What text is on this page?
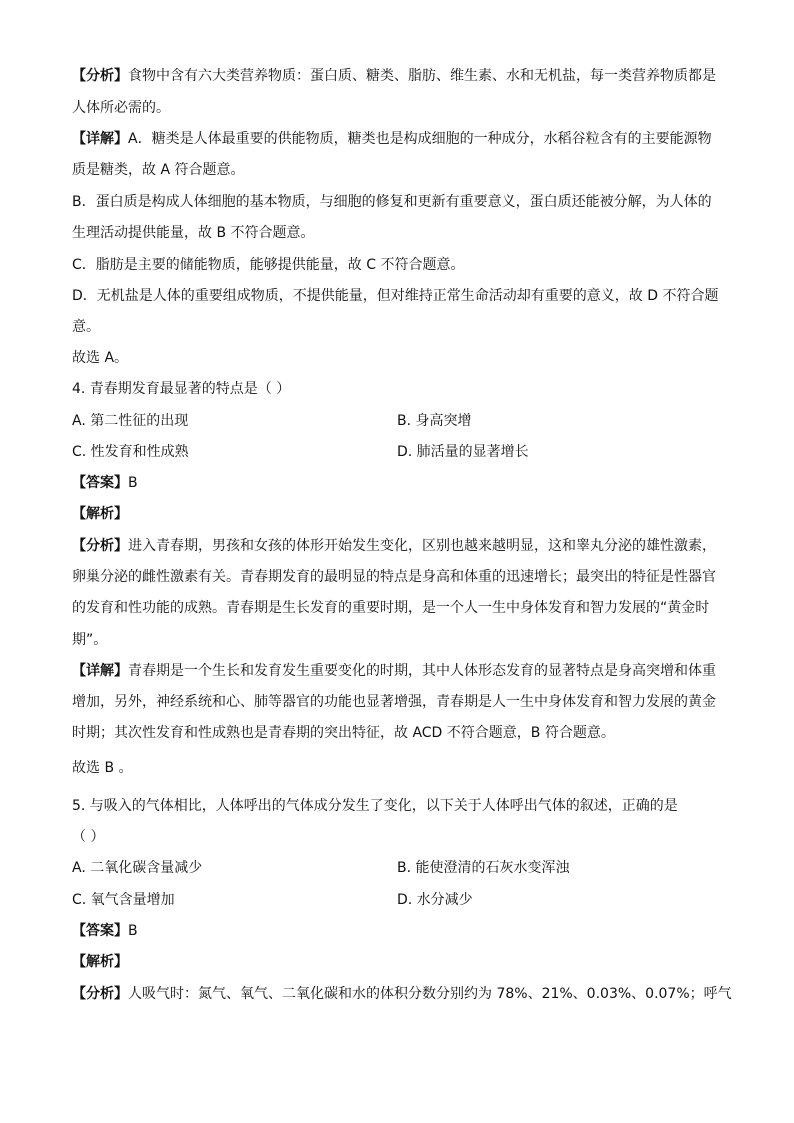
【分析】食物中含有六大类营养物质：蛋白质、糖类、脂肪、维生素、水和无机盐，每一类营养物质都是
人体所必需的。
【详解】A．糖类是人体最重要的供能物质，糖类也是构成细胞的一种成分，水稻谷粒含有的主要能源物
质是糖类，故 A 符合题意。
B．蛋白质是构成人体细胞的基本物质，与细胞的修复和更新有重要意义，蛋白质还能被分解，为人体的
生理活动提供能量，故 B 不符合题意。
C．脂肪是主要的储能物质，能够提供能量，故 C 不符合题意。
D．无机盐是人体的重要组成物质，不提供能量，但对维持正常生命活动却有重要的意义，故 D 不符合题
意。
故选 A。
4. 青春期发育最显著的特点是（ ）
A. 第二性征的出现	B. 身高突增
C. 性发育和性成熟	D. 肺活量的显著增长
【答案】B
【解析】
【分析】进入青春期，男孩和女孩的体形开始发生变化，区别也越来越明显，这和睾丸分泌的雄性激素，
卵巢分泌的雌性激素有关。青春期发育的最明显的特点是身高和体重的迅速增长；最突出的特征是性器官
的发育和性功能的成熟。青春期是生长发育的重要时期，是一个人一生中身体发育和智力发展的“黄金时
期”。
【详解】青春期是一个生长和发育发生重要变化的时期，其中人体形态发育的显著特点是身高突增和体重
增加，另外，神经系统和心、肺等器官的功能也显著增强，青春期是人一生中身体发育和智力发展的黄金
时期；其次性发育和性成熟也是青春期的突出特征，故 ACD 不符合题意，B 符合题意。
故选 B 。
5. 与吸入的气体相比，人体呼出的气体成分发生了变化，以下关于人体呼出气体的叙述，正确的是
（ ）
A. 二氧化碳含量减少	B. 能使澄清的石灰水变浑浊
C. 氧气含量增加	D. 水分减少
【答案】B
【解析】
【分析】人吸气时：氮气、氧气、二氧化碳和水的体积分数分别约为 78%、21%、0.03%、0.07%；呼气
